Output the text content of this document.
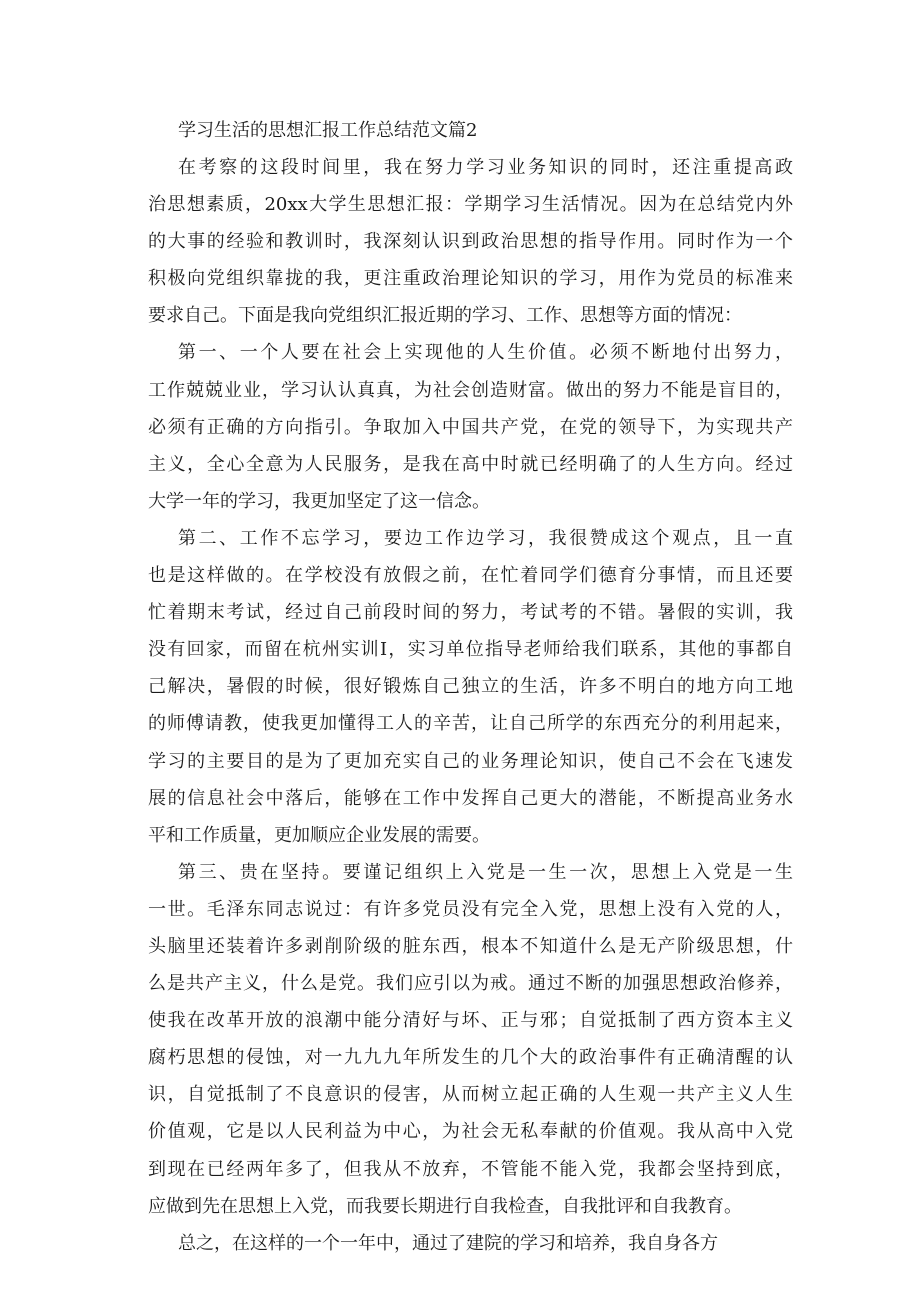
学习生活的思想汇报工作总结范文篇2
在考察的这段时间里，我在努力学习业务知识的同时，还注重提高政
治思想素质，20xx大学生思想汇报：学期学习生活情况。因为在总结党内外
的大事的经验和教训时，我深刻认识到政治思想的指导作用。同时作为一个
积极向党组织靠拢的我，更注重政治理论知识的学习，用作为党员的标准来
要求自己。下面是我向党组织汇报近期的学习、工作、思想等方面的情况：
第一、一个人要在社会上实现他的人生价值。必须不断地付出努力，
工作兢兢业业，学习认认真真，为社会创造财富。做出的努力不能是盲目的，
必须有正确的方向指引。争取加入中国共产党，在党的领导下，为实现共产
主义，全心全意为人民服务，是我在高中时就已经明确了的人生方向。经过
大学一年的学习，我更加坚定了这一信念。
第二、工作不忘学习，要边工作边学习，我很赞成这个观点，且一直
也是这样做的。在学校没有放假之前，在忙着同学们德育分事情，而且还要
忙着期末考试，经过自己前段时间的努力，考试考的不错。暑假的实训，我
没有回家，而留在杭州实训I，实习单位指导老师给我们联系，其他的事都自
己解决，暑假的时候，很好锻炼自己独立的生活，许多不明白的地方向工地
的师傅请教，使我更加懂得工人的辛苦，让自己所学的东西充分的利用起来，
学习的主要目的是为了更加充实自己的业务理论知识，使自己不会在飞速发
展的信息社会中落后，能够在工作中发挥自己更大的潜能，不断提高业务水
平和工作质量，更加顺应企业发展的需要。
第三、贵在坚持。要谨记组织上入党是一生一次，思想上入党是一生
一世。毛泽东同志说过：有许多党员没有完全入党，思想上没有入党的人，
头脑里还装着许多剥削阶级的脏东西，根本不知道什么是无产阶级思想，什
么是共产主义，什么是党。我们应引以为戒。通过不断的加强思想政治修养，
使我在改革开放的浪潮中能分清好与坏、正与邪；自觉抵制了西方资本主义
腐朽思想的侵蚀，对一九九九年所发生的几个大的政治事件有正确清醒的认
识，自觉抵制了不良意识的侵害，从而树立起正确的人生观一共产主义人生
价值观，它是以人民利益为中心，为社会无私奉献的价值观。我从高中入党
到现在已经两年多了，但我从不放弃，不管能不能入党，我都会坚持到底，
应做到先在思想上入党，而我要长期进行自我检查，自我批评和自我教育。
总之，在这样的一个一年中，通过了建院的学习和培养，我自身各方
